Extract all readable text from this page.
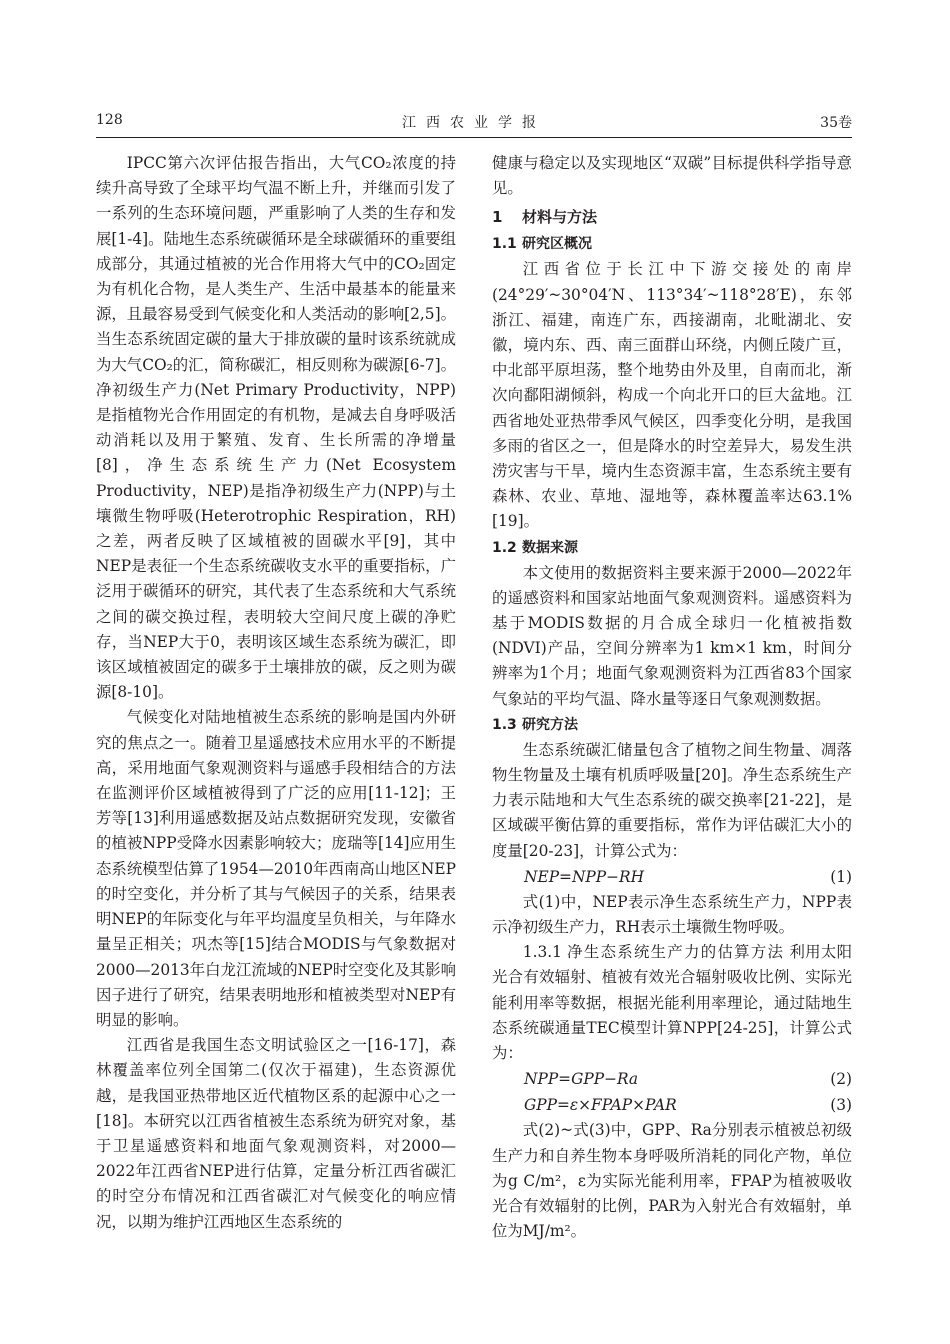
128	江西农业学报	35卷

IPCC第六次评估报告指出，大气CO₂浓度的持续升高导致了全球平均气温不断上升，并继而引发了一系列的生态环境问题，严重影响了人类的生存和发展[1-4]。陆地生态系统碳循环是全球碳循环的重要组成部分，其通过植被的光合作用将大气中的CO₂固定为有机化合物，是人类生产、生活中最基本的能量来源，且最容易受到气候变化和人类活动的影响[2,5]。当生态系统固定碳的量大于排放碳的量时该系统就成为大气CO₂的汇，简称碳汇，相反则称为碳源[6-7]。净初级生产力(Net Primary Productivity，NPP)是指植物光合作用固定的有机物，是减去自身呼吸活动消耗以及用于繁殖、发育、生长所需的净增量[8]，净生态系统生产力(Net Ecosystem Productivity，NEP)是指净初级生产力(NPP)与土壤微生物呼吸(Heterotrophic Respiration，RH)之差，两者反映了区域植被的固碳水平[9]，其中NEP是表征一个生态系统碳收支水平的重要指标，广泛用于碳循环的研究，其代表了生态系统和大气系统之间的碳交换过程，表明较大空间尺度上碳的净贮存，当NEP大于0，表明该区域生态系统为碳汇，即该区域植被固定的碳多于土壤排放的碳，反之则为碳源[8-10]。

气候变化对陆地植被生态系统的影响是国内外研究的焦点之一。随着卫星遥感技术应用水平的不断提高，采用地面气象观测资料与遥感手段相结合的方法在监测评价区域植被得到了广泛的应用[11-12]；王芳等[13]利用遥感数据及站点数据研究发现，安徽省的植被NPP受降水因素影响较大；庞瑞等[14]应用生态系统模型估算了1954—2010年西南高山地区NEP的时空变化，并分析了其与气候因子的关系，结果表明NEP的年际变化与年平均温度呈负相关，与年降水量呈正相关；巩杰等[15]结合MODIS与气象数据对2000—2013年白龙江流域的NEP时空变化及其影响因子进行了研究，结果表明地形和植被类型对NEP有明显的影响。

江西省是我国生态文明试验区之一[16-17]，森林覆盖率位列全国第二(仅次于福建)，生态资源优越，是我国亚热带地区近代植物区系的起源中心之一[18]。本研究以江西省植被生态系统为研究对象，基于卫星遥感资料和地面气象观测资料，对2000—2022年江西省NEP进行估算，定量分析江西省碳汇的时空分布情况和江西省碳汇对气候变化的响应情况，以期为维护江西地区生态系统的

健康与稳定以及实现地区“双碳”目标提供科学指导意见。

1 材料与方法
1.1 研究区概况

江西省位于长江中下游交接处的南岸(24°29′~30°04′N、113°34′~118°28′E)，东邻浙江、福建，南连广东，西接湖南，北毗湖北、安徽，境内东、西、南三面群山环绕，内侧丘陵广亘，中北部平原坦荡，整个地势由外及里，自南而北，渐次向鄱阳湖倾斜，构成一个向北开口的巨大盆地。江西省地处亚热带季风气候区，四季变化分明，是我国多雨的省区之一，但是降水的时空差异大，易发生洪涝灾害与干旱，境内生态资源丰富，生态系统主要有森林、农业、草地、湿地等，森林覆盖率达63.1%[19]。

1.2 数据来源

本文使用的数据资料主要来源于2000—2022年的遥感资料和国家站地面气象观测资料。遥感资料为基于MODIS数据的月合成全球归一化植被指数(NDVI)产品，空间分辨率为1 km×1 km，时间分辨率为1个月；地面气象观测资料为江西省83个国家气象站的平均气温、降水量等逐日气象观测数据。

1.3 研究方法

生态系统碳汇储量包含了植物之间生物量、凋落物生物量及土壤有机质呼吸量[20]。净生态系统生产力表示陆地和大气生态系统的碳交换率[21-22]，是区域碳平衡估算的重要指标，常作为评估碳汇大小的度量[20-23]，计算公式为：

NEP=NPP−RH	(1)

式(1)中，NEP表示净生态系统生产力，NPP表示净初级生产力，RH表示土壤微生物呼吸。

1.3.1 净生态系统生产力的估算方法 利用太阳光合有效辐射、植被有效光合辐射吸收比例、实际光能利用率等数据，根据光能利用率理论，通过陆地生态系统碳通量TEC模型计算NPP[24-25]，计算公式为：

NPP=GPP−Ra	(2)
GPP=ε×FPAP×PAR	(3)

式(2)~式(3)中，GPP、Ra分别表示植被总初级生产力和自养生物本身呼吸所消耗的同化产物，单位为g C/m²，ε为实际光能利用率，FPAP为植被吸收光合有效辐射的比例，PAR为入射光合有效辐射，单位为MJ/m²。
